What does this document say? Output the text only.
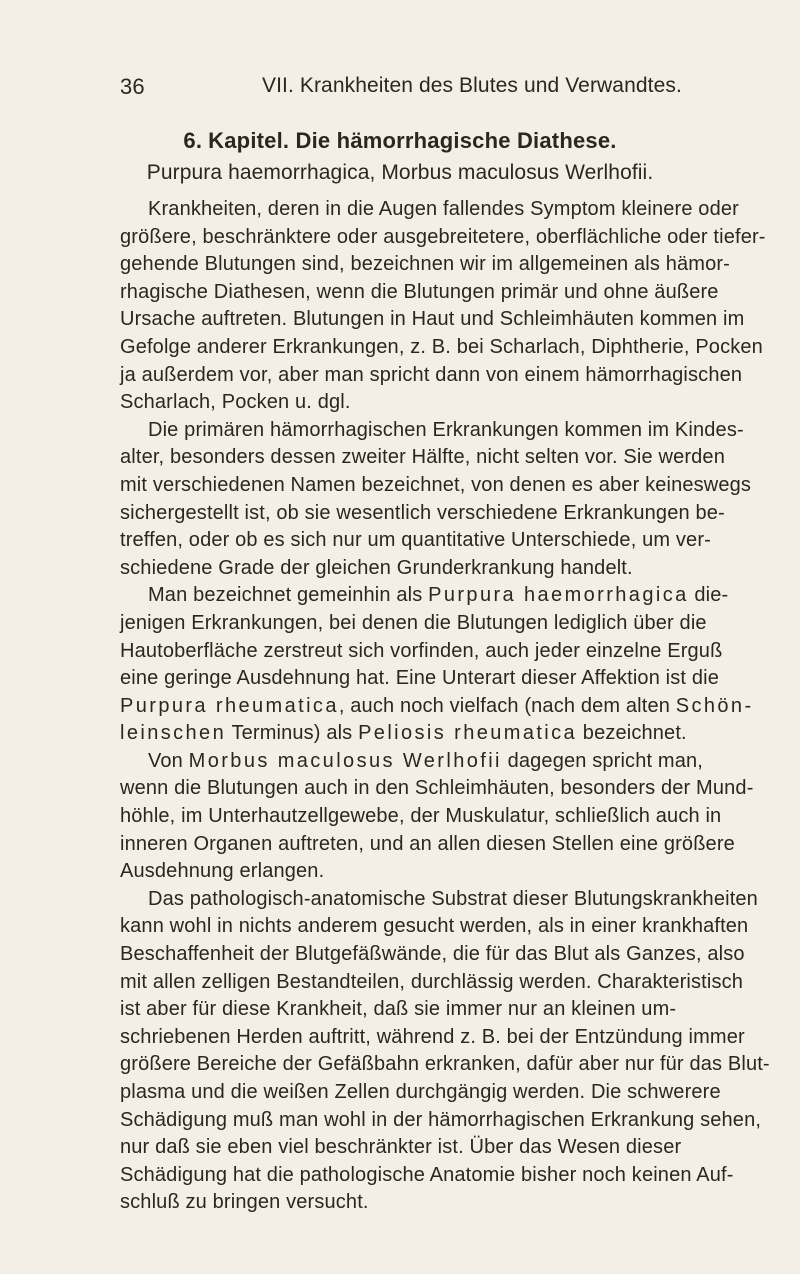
36	VII. Krankheiten des Blutes und Verwandtes.
6. Kapitel. Die hämorrhagische Diathese.
Purpura haemorrhagica, Morbus maculosus Werlhofii.
Krankheiten, deren in die Augen fallendes Symptom kleinere oder
größere, beschränktere oder ausgebreitetere, oberflächliche oder tiefer-
gehende Blutungen sind, bezeichnen wir im allgemeinen als hämor-
rhagische Diathesen, wenn die Blutungen primär und ohne äußere
Ursache auftreten. Blutungen in Haut und Schleimhäuten kommen im
Gefolge anderer Erkrankungen, z. B. bei Scharlach, Diphtherie, Pocken
ja außerdem vor, aber man spricht dann von einem hämorrhagischen
Scharlach, Pocken u. dgl.
Die primären hämorrhagischen Erkrankungen kommen im Kindes-
alter, besonders dessen zweiter Hälfte, nicht selten vor. Sie werden
mit verschiedenen Namen bezeichnet, von denen es aber keineswegs
sichergestellt ist, ob sie wesentlich verschiedene Erkrankungen be-
treffen, oder ob es sich nur um quantitative Unterschiede, um ver-
schiedene Grade der gleichen Grunderkrankung handelt.
Man bezeichnet gemeinhin als Purpura haemorrhagica die-
jenigen Erkrankungen, bei denen die Blutungen lediglich über die
Hautoberfläche zerstreut sich vorfinden, auch jeder einzelne Erguß
eine geringe Ausdehnung hat. Eine Unterart dieser Affektion ist die
Purpura rheumatica, auch noch vielfach (nach dem alten Schön-
leinschen Terminus) als Peliosis rheumatica bezeichnet.
Von Morbus maculosus Werlhofii dagegen spricht man,
wenn die Blutungen auch in den Schleimhäuten, besonders der Mund-
höhle, im Unterhautzellgewebe, der Muskulatur, schließlich auch in
inneren Organen auftreten, und an allen diesen Stellen eine größere
Ausdehnung erlangen.
Das pathologisch-anatomische Substrat dieser Blutungskrankheiten
kann wohl in nichts anderem gesucht werden, als in einer krankhaften
Beschaffenheit der Blutgefäßwände, die für das Blut als Ganzes, also
mit allen zelligen Bestandteilen, durchlässig werden. Charakteristisch
ist aber für diese Krankheit, daß sie immer nur an kleinen um-
schriebenen Herden auftritt, während z. B. bei der Entzündung immer
größere Bereiche der Gefäßbahn erkranken, dafür aber nur für das Blut-
plasma und die weißen Zellen durchgängig werden. Die schwerere
Schädigung muß man wohl in der hämorrhagischen Erkrankung sehen,
nur daß sie eben viel beschränkter ist. Über das Wesen dieser
Schädigung hat die pathologische Anatomie bisher noch keinen Auf-
schluß zu bringen versucht.
